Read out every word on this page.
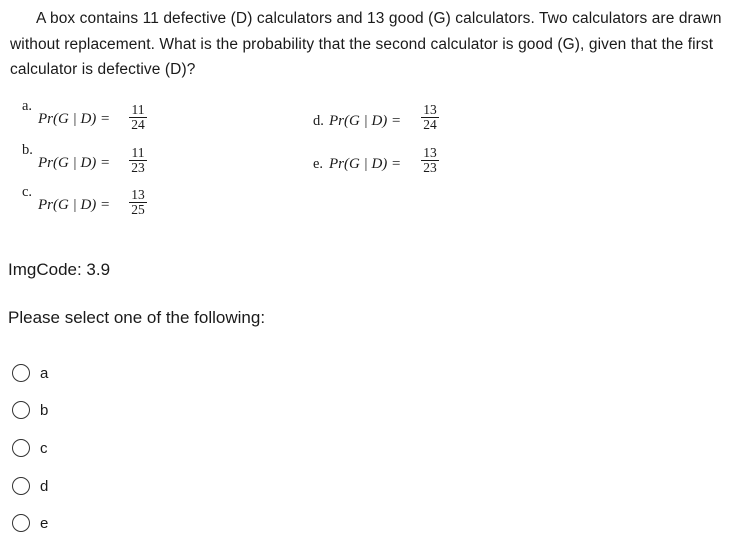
A box contains 11 defective (D) calculators and 13 good (G) calculators. Two calculators are drawn without replacement. What is the probability that the second calculator is good (G), given that the first calculator is defective (D)?
a.
Pr(G | D) =
11
24
b.
Pr(G | D) =
11
23
c.
Pr(G | D) =
13
25
d. Pr(G | D) =
13
24
e. Pr(G | D) =
13
23
ImgCode: 3.9
Please select one of the following:
a
b
c
d
e
